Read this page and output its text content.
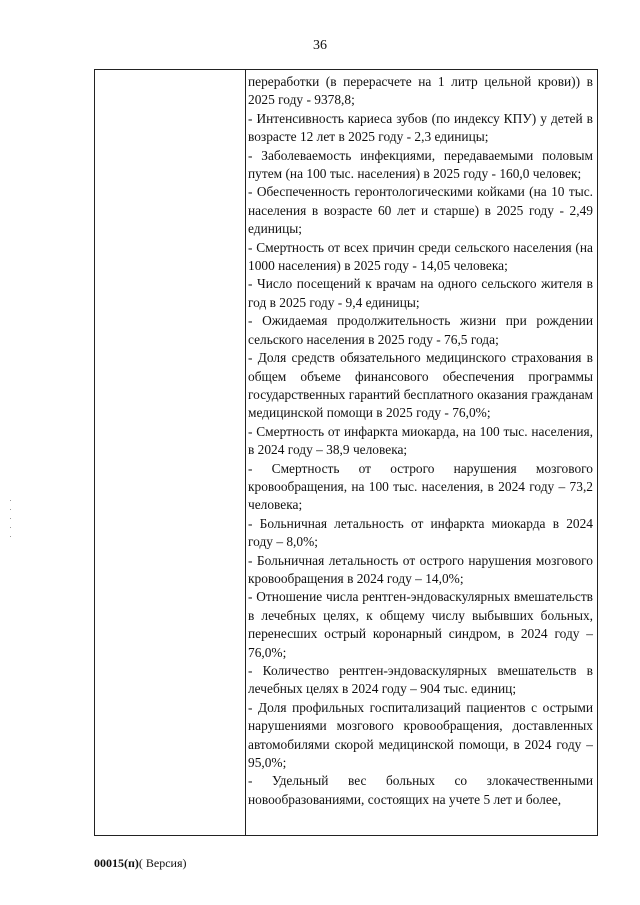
36

переработки (в перерасчете на 1 литр цельной крови)) в 2025 году - 9378,8;

- Интенсивность кариеса зубов (по индексу КПУ) у детей в возрасте 12 лет в 2025 году - 2,3 единицы;

- Заболеваемость инфекциями, передаваемыми половым путем (на 100 тыс. населения) в 2025 году - 160,0 человек;

- Обеспеченность геронтологическими койками (на 10 тыс. населения в возрасте 60 лет и старше) в 2025 году - 2,49 единицы;

- Смертность от всех причин среди сельского населения (на 1000 населения) в 2025 году - 14,05 человека;

- Число посещений к врачам на одного сельского жителя в год в 2025 году - 9,4 единицы;

- Ожидаемая продолжительность жизни при рождении сельского населения в 2025 году - 76,5 года;

- Доля средств обязательного медицинского страхования в общем объеме финансового обеспечения программы государственных гарантий бесплатного оказания гражданам медицинской помощи в 2025 году - 76,0%;

- Смертность от инфаркта миокарда, на 100 тыс. населения, в 2024 году – 38,9 человека;

- Смертность от острого нарушения мозгового кровообращения, на 100 тыс. населения, в 2024 году – 73,2 человека;

- Больничная летальность от инфаркта миокарда в 2024 году – 8,0%;

- Больничная летальность от острого нарушения мозгового кровообращения в 2024 году – 14,0%;

- Отношение числа рентген-эндоваскулярных вмешательств в лечебных целях, к общему числу выбывших больных, перенесших острый коронарный синдром, в 2024 году – 76,0%;

- Количество рентген-эндоваскулярных вмешательств в лечебных целях в 2024 году – 904 тыс. единиц;

- Доля профильных госпитализаций пациентов с острыми нарушениями мозгового кровообращения, доставленных автомобилями скорой медицинской помощи, в 2024 году – 95,0%;

- Удельный вес больных со злокачественными новообразованиями, состоящих на учете 5 лет и более,

00015(п)( Версия)
